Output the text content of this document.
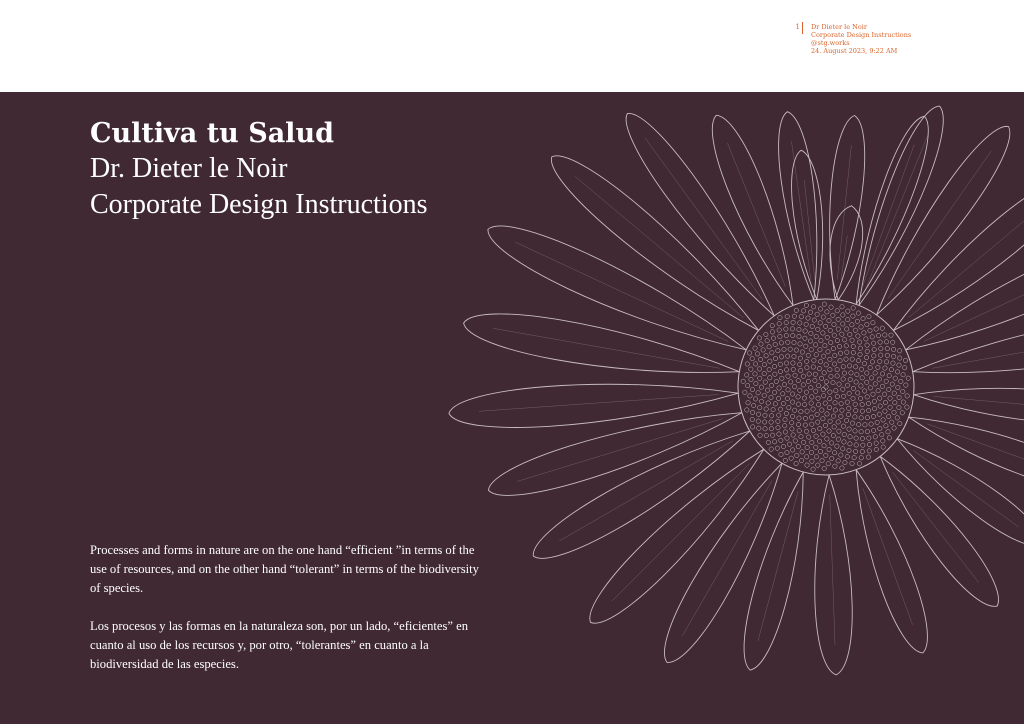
1 Dr Dieter le Noir
Corporate Design Instructions
@stg.works
24. August 2023, 9:22 AM
Cultiva tu Salud
Dr. Dieter le Noir
Corporate Design Instructions

Processes and forms in nature are on the one hand “efficient ”in terms of the use of resources, and on the other hand “tolerant” in terms of the biodiversity of species.

Los procesos y las formas en la naturaleza son, por un lado, “eficientes” en cuanto al uso de los recursos y, por otro, “tolerantes” en cuanto a la biodiversidad de las especies.
